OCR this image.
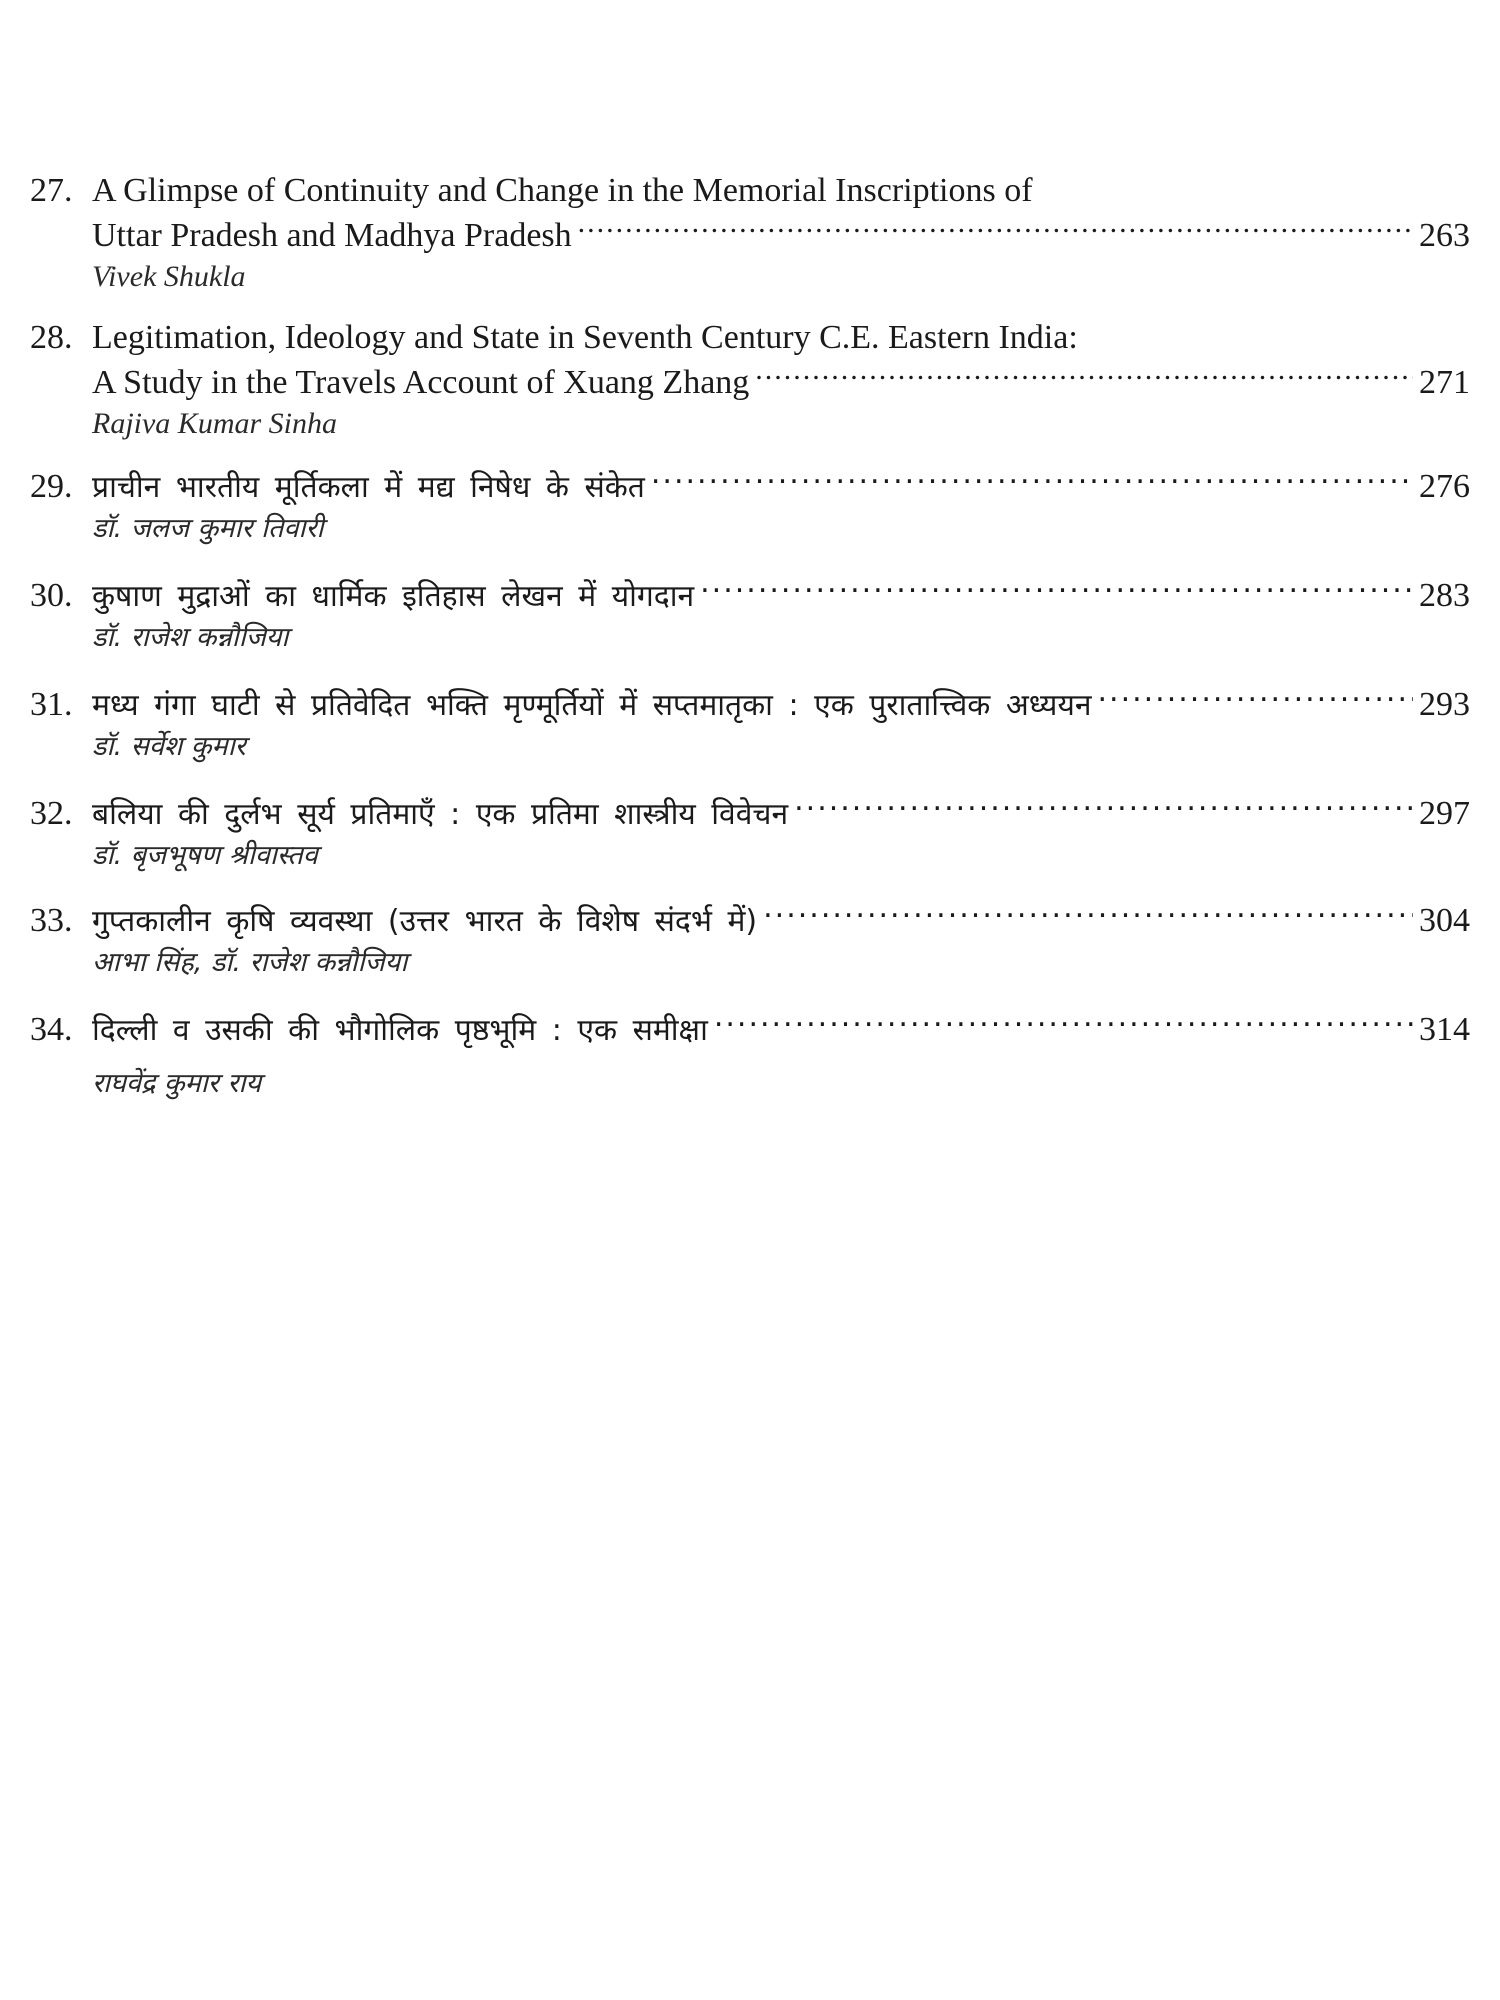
27. A Glimpse of Continuity and Change in the Memorial Inscriptions of
Uttar Pradesh and Madhya Pradesh .....	263
Vivek Shukla
28. Legitimation, Ideology and State in Seventh Century C.E. Eastern India:
A Study in the Travels Account of Xuang Zhang .....	271
Rajiva Kumar Sinha
29. प्राचीन भारतीय मूर्तिकला में मद्य निषेध के संकेत .....	276
डॉ. जलज कुमार तिवारी
30. कुषाण मुद्राओं का धार्मिक इतिहास लेखन में योगदान .....	283
डॉ. राजेश कन्नौजिया
31. मध्य गंगा घाटी से प्रतिवेदित भक्ति मृण्मूर्तियों में सप्तमातृका : एक पुरातात्त्विक अध्ययन .....	293
डॉ. सर्वेश कुमार
32. बलिया की दुर्लभ सूर्य प्रतिमाएँ : एक प्रतिमा शास्त्रीय विवेचन .....	297
डॉ. बृजभूषण श्रीवास्तव
33. गुप्तकालीन कृषि व्यवस्था (उत्तर भारत के विशेष संदर्भ में) .....	304
आभा सिंह, डॉ. राजेश कन्नौजिया
34. दिल्ली व उसकी की भौगोलिक पृष्ठभूमि : एक समीक्षा .....	314
राघवेंद्र कुमार राय
